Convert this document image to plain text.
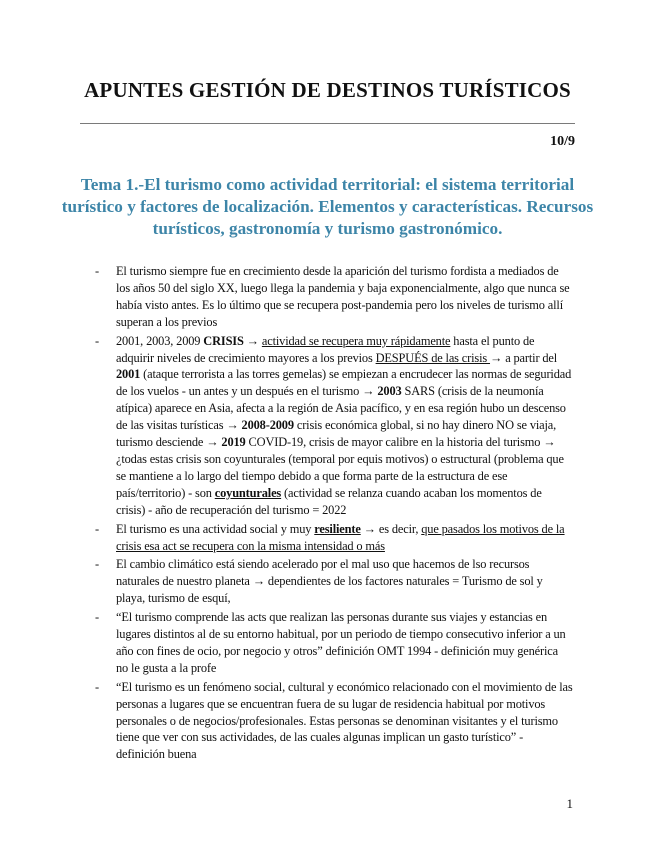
APUNTES GESTIÓN DE DESTINOS TURÍSTICOS
10/9
Tema 1.-El turismo como actividad territorial: el sistema territorial turístico y factores de localización. Elementos y características. Recursos turísticos, gastronomía y turismo gastronómico.
- El turismo siempre fue en crecimiento desde la aparición del turismo fordista a mediados de los años 50 del siglo XX, luego llega la pandemia y baja exponencialmente, algo que nunca se había visto antes. Es lo último que se recupera post-pandemia pero los niveles de turismo allí superan a los previos
- 2001, 2003, 2009 CRISIS → actividad se recupera muy rápidamente hasta el punto de adquirir niveles de crecimiento mayores a los previos DESPUÉS de las crisis → a partir del 2001 (ataque terrorista a las torres gemelas) se empiezan a encrudecer las normas de seguridad de los vuelos - un antes y un después en el turismo → 2003 SARS (crisis de la neumonía atípica) aparece en Asia, afecta a la región de Asia pacífico, y en esa región hubo un descenso de las visitas turísticas → 2008-2009 crisis económica global, si no hay dinero NO se viaja, turismo desciende → 2019 COVID-19, crisis de mayor calibre en la historia del turismo → ¿todas estas crisis son coyunturales (temporal por equis motivos) o estructural (problema que se mantiene a lo largo del tiempo debido a que forma parte de la estructura de ese país/territorio) - son coyunturales (actividad se relanza cuando acaban los momentos de crisis) - año de recuperación del turismo = 2022
- El turismo es una actividad social y muy resiliente → es decir, que pasados los motivos de la crisis esa act se recupera con la misma intensidad o más
- El cambio climático está siendo acelerado por el mal uso que hacemos de lso recursos naturales de nuestro planeta → dependientes de los factores naturales = Turismo de sol y playa, turismo de esquí,
- “El turismo comprende las acts que realizan las personas durante sus viajes y estancias en lugares distintos al de su entorno habitual, por un periodo de tiempo consecutivo inferior a un año con fines de ocio, por negocio y otros” definición OMT 1994 - definición muy genérica no le gusta a la profe
- “El turismo es un fenómeno social, cultural y económico relacionado con el movimiento de las personas a lugares que se encuentran fuera de su lugar de residencia habitual por motivos personales o de negocios/profesionales. Estas personas se denominan visitantes y el turismo tiene que ver con sus actividades, de las cuales algunas implican un gasto turístico” - definición buena
1
